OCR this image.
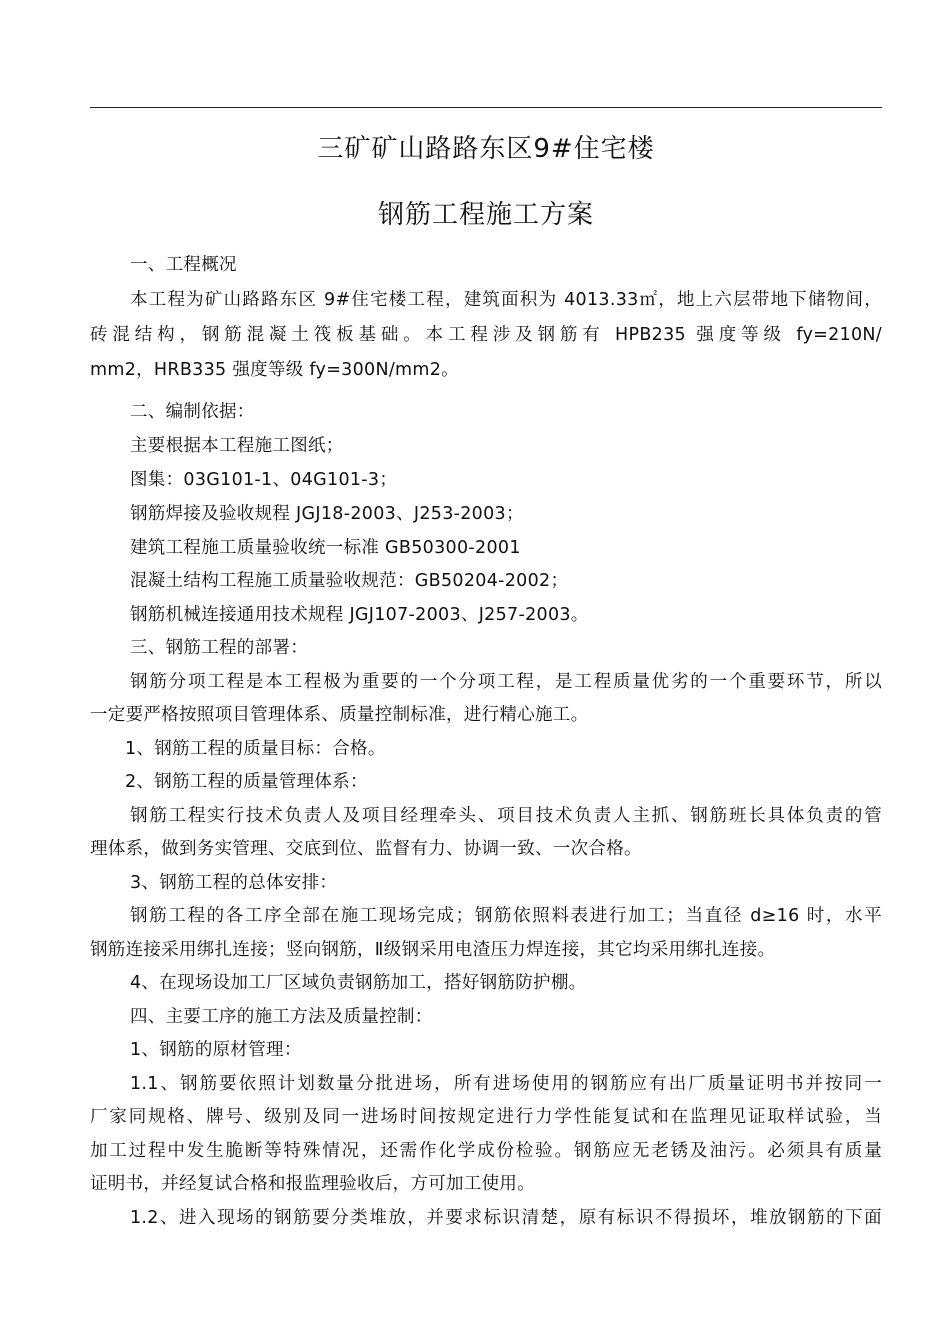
三矿矿山路路东区9#住宅楼
钢筋工程施工方案
一、工程概况
本工程为矿山路路东区 9#住宅楼工程，建筑面积为 4013.33㎡，地上六层带地下储物间，
砖混结构，钢筋混凝土筏板基础。本工程涉及钢筋有 HPB235 强度等级 fy=210N/
mm2，HRB335 强度等级 fy=300N/mm2。
二、编制依据：
主要根据本工程施工图纸；
图集：03G101-1、04G101-3；
钢筋焊接及验收规程 JGJ18-2003、J253-2003；
建筑工程施工质量验收统一标准 GB50300-2001
混凝土结构工程施工质量验收规范：GB50204-2002；
钢筋机械连接通用技术规程 JGJ107-2003、J257-2003。
三、钢筋工程的部署：
钢筋分项工程是本工程极为重要的一个分项工程，是工程质量优劣的一个重要环节，所以
一定要严格按照项目管理体系、质量控制标准，进行精心施工。
1、钢筋工程的质量目标：合格。
2、钢筋工程的质量管理体系：
钢筋工程实行技术负责人及项目经理牵头、项目技术负责人主抓、钢筋班长具体负责的管
理体系，做到务实管理、交底到位、监督有力、协调一致、一次合格。
3、钢筋工程的总体安排：
钢筋工程的各工序全部在施工现场完成；钢筋依照料表进行加工；当直径 d≥16 时，水平
钢筋连接采用绑扎连接；竖向钢筋，Ⅱ级钢采用电渣压力焊连接，其它均采用绑扎连接。
4、在现场设加工厂区域负责钢筋加工，搭好钢筋防护棚。
四、主要工序的施工方法及质量控制：
1、钢筋的原材管理：
1.1、钢筋要依照计划数量分批进场，所有进场使用的钢筋应有出厂质量证明书并按同一
厂家同规格、牌号、级别及同一进场时间按规定进行力学性能复试和在监理见证取样试验，当
加工过程中发生脆断等特殊情况，还需作化学成份检验。钢筋应无老锈及油污。必须具有质量
证明书，并经复试合格和报监理验收后，方可加工使用。
1.2、进入现场的钢筋要分类堆放，并要求标识清楚，原有标识不得损坏，堆放钢筋的下面
